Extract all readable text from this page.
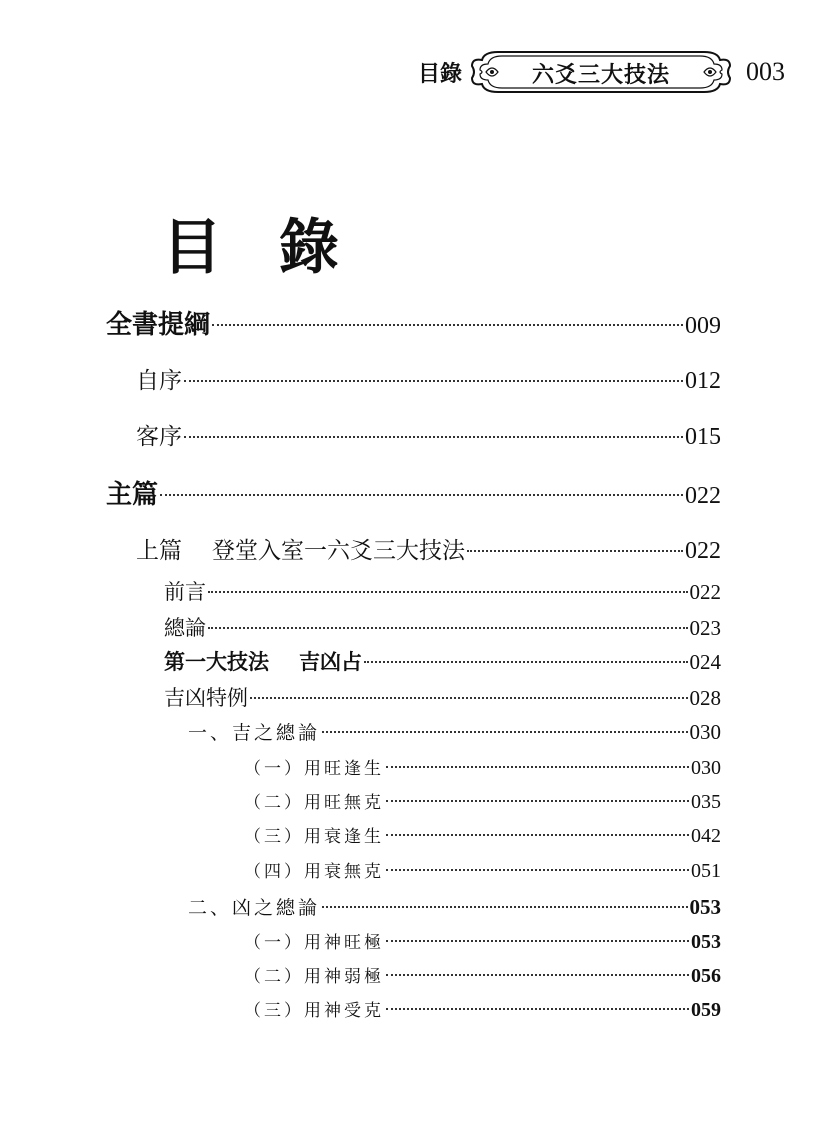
目錄	六爻三大技法	003
目 錄
全書提綱	009
自序	012
客序	015
主篇	022
上篇 登堂入室一六爻三大技法	022
前言	022
總論	023
第一大技法 吉凶占	024
吉凶特例	028
一、吉之總論	030
（一）用旺逢生	030
（二）用旺無克	035
（三）用衰逢生	042
（四）用衰無克	051
二、凶之總論	053
（一）用神旺極	053
（二）用神弱極	056
（三）用神受克	059
